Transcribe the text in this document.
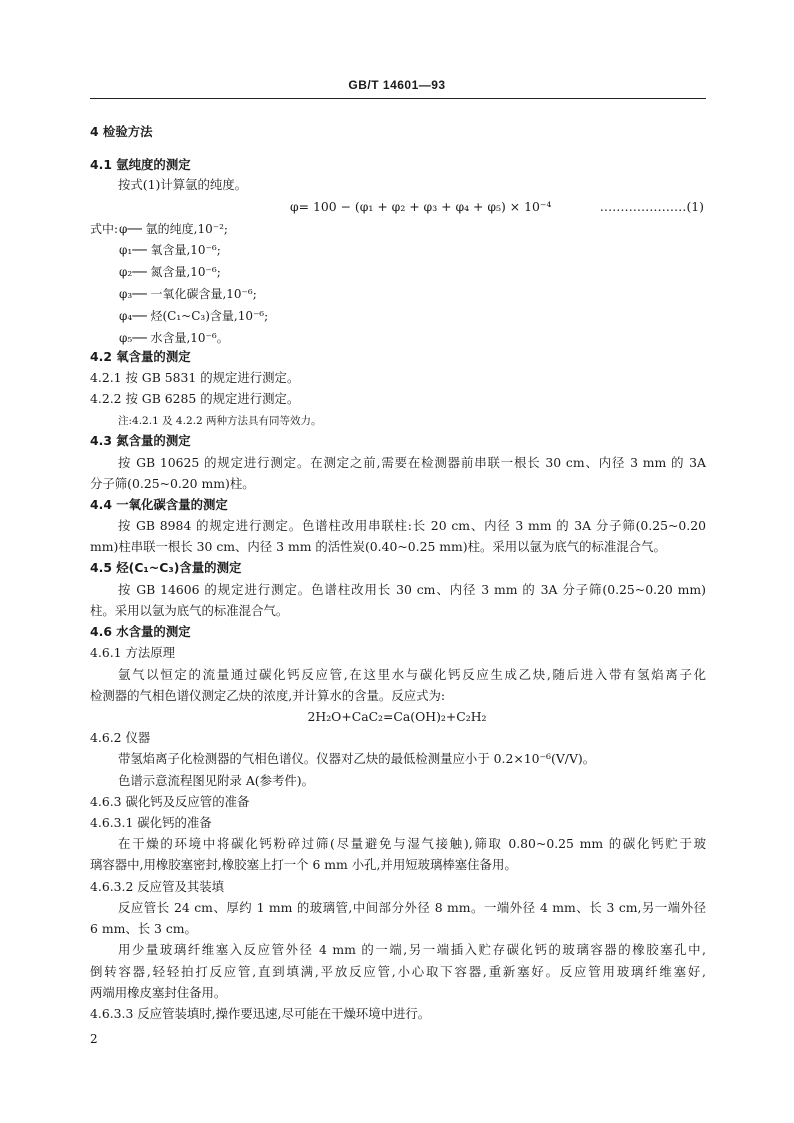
GB/T 14601—93
4 检验方法
4.1 氩纯度的测定
按式(1)计算氩的纯度。
φ= 100 − (φ₁ + φ₂ + φ₃ + φ₄ + φ₅) × 10⁻⁴	…………………(1)
式中: φ── 氩的纯度,10⁻²;
φ₁── 氧含量,10⁻⁶;
φ₂── 氮含量,10⁻⁶;
φ₃── 一氧化碳含量,10⁻⁶;
φ₄── 烃(C₁~C₃)含量,10⁻⁶;
φ₅── 水含量,10⁻⁶。
4.2 氧含量的测定
4.2.1 按 GB 5831 的规定进行测定。
4.2.2 按 GB 6285 的规定进行测定。
注:4.2.1 及 4.2.2 两种方法具有同等效力。
4.3 氮含量的测定
按 GB 10625 的规定进行测定。在测定之前,需要在检测器前串联一根长 30 cm、内径 3 mm 的 3A
分子筛(0.25~0.20 mm)柱。
4.4 一氧化碳含量的测定
按 GB 8984 的规定进行测定。色谱柱改用串联柱:长 20 cm、内径 3 mm 的 3A 分子筛(0.25~0.20
mm)柱串联一根长 30 cm、内径 3 mm 的活性炭(0.40~0.25 mm)柱。采用以氩为底气的标准混合气。
4.5 烃(C₁~C₃)含量的测定
按 GB 14606 的规定进行测定。色谱柱改用长 30 cm、内径 3 mm 的 3A 分子筛(0.25~0.20 mm)
柱。采用以氩为底气的标准混合气。
4.6 水含量的测定
4.6.1 方法原理
氩气以恒定的流量通过碳化钙反应管,在这里水与碳化钙反应生成乙炔,随后进入带有氢焰离子化
检测器的气相色谱仪测定乙炔的浓度,并计算水的含量。反应式为:
2H₂O+CaC₂=Ca(OH)₂+C₂H₂
4.6.2 仪器
带氢焰离子化检测器的气相色谱仪。仪器对乙炔的最低检测量应小于 0.2×10⁻⁶(V/V)。
色谱示意流程图见附录 A(参考件)。
4.6.3 碳化钙及反应管的准备
4.6.3.1 碳化钙的准备
在干燥的环境中将碳化钙粉碎过筛(尽量避免与湿气接触),筛取 0.80~0.25 mm 的碳化钙贮于玻
璃容器中,用橡胶塞密封,橡胶塞上打一个 6 mm 小孔,并用短玻璃棒塞住备用。
4.6.3.2 反应管及其装填
反应管长 24 cm、厚约 1 mm 的玻璃管,中间部分外径 8 mm。一端外径 4 mm、长 3 cm,另一端外径
6 mm、长 3 cm。
用少量玻璃纤维塞入反应管外径 4 mm 的一端,另一端插入贮存碳化钙的玻璃容器的橡胶塞孔中,
倒转容器,轻轻拍打反应管,直到填满,平放反应管,小心取下容器,重新塞好。反应管用玻璃纤维塞好,
两端用橡皮塞封住备用。
4.6.3.3 反应管装填时,操作要迅速,尽可能在干燥环境中进行。
2
